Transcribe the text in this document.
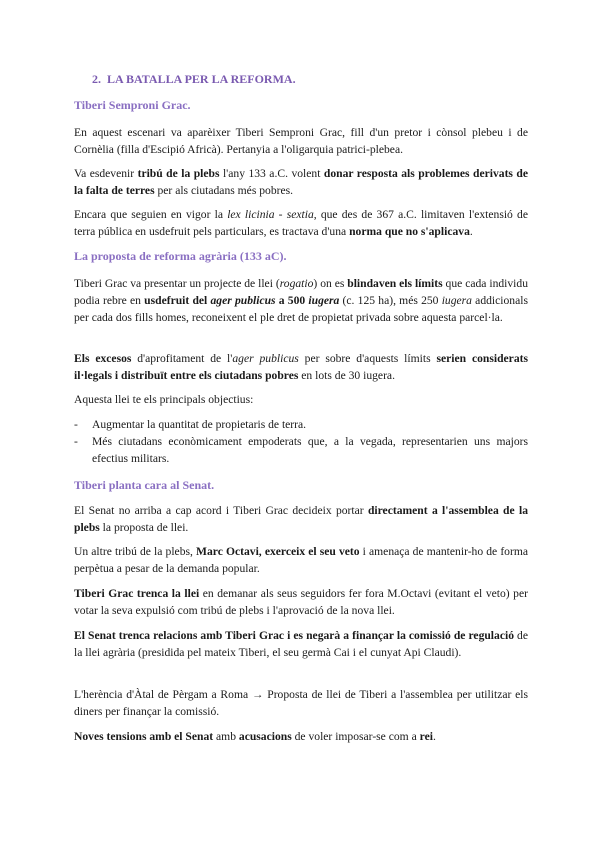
2. LA BATALLA PER LA REFORMA.
Tiberi Semproni Grac.

En aquest escenari va aparèixer Tiberi Semproni Grac, fill d'un pretor i cònsol plebeu i de Cornèlia (filla d'Escipió Africà). Pertanyia a l'oligarquia patrici-plebea.

Va esdevenir tribú de la plebs l'any 133 a.C. volent donar resposta als problemes derivats de la falta de terres per als ciutadans més pobres.

Encara que seguien en vigor la lex licinia - sextia, que des de 367 a.C. limitaven l'extensió de terra pública en usdefruit pels particulars, es tractava d'una norma que no s'aplicava.

La proposta de reforma agrària (133 aC).

Tiberi Grac va presentar un projecte de llei (rogatio) on es blindaven els límits que cada individu podia rebre en usdefruit del ager publicus a 500 iugera (c. 125 ha), més 250 iugera addicionals per cada dos fills homes, reconeixent el ple dret de propietat privada sobre aquesta parcel·la.

Els excesos d'aprofitament de l'ager publicus per sobre d'aquests límits serien considerats il·legals i distribuït entre els ciutadans pobres en lots de 30 iugera.

Aquesta llei te els principals objectius:

- Augmentar la quantitat de propietaris de terra.
- Més ciutadans econòmicament empoderats que, a la vegada, representarien uns majors efectius militars.
Tiberi planta cara al Senat.

El Senat no arriba a cap acord i Tiberi Grac decideix portar directament a l'assemblea de la plebs la proposta de llei.

Un altre tribú de la plebs, Marc Octavi, exerceix el seu veto i amenaça de mantenir-ho de forma perpètua a pesar de la demanda popular.

Tiberi Grac trenca la llei en demanar als seus seguidors fer fora M.Octavi (evitant el veto) per votar la seva expulsió com tribú de plebs i l'aprovació de la nova llei.

El Senat trenca relacions amb Tiberi Grac i es negarà a finançar la comissió de regulació de la llei agrària (presidida pel mateix Tiberi, el seu germà Cai i el cunyat Api Claudi).

L'herència d'Àtal de Pèrgam a Roma → Proposta de llei de Tiberi a l'assemblea per utilitzar els diners per finançar la comissió.

Noves tensions amb el Senat amb acusacions de voler imposar-se com a rei.
